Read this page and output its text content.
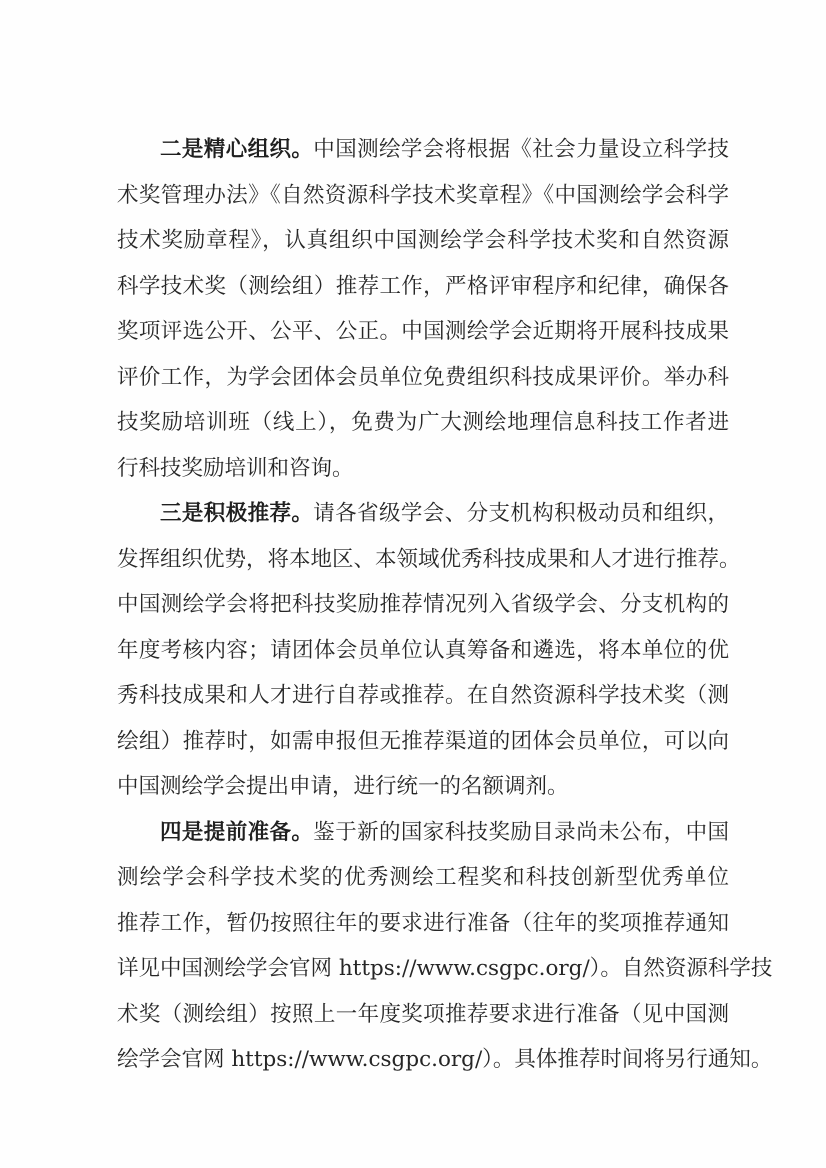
二是精心组织。中国测绘学会将根据《社会力量设立科学技
术奖管理办法》《自然资源科学技术奖章程》《中国测绘学会科学
技术奖励章程》，认真组织中国测绘学会科学技术奖和自然资源
科学技术奖（测绘组）推荐工作，严格评审程序和纪律，确保各
奖项评选公开、公平、公正。中国测绘学会近期将开展科技成果
评价工作，为学会团体会员单位免费组织科技成果评价。举办科
技奖励培训班（线上），免费为广大测绘地理信息科技工作者进
行科技奖励培训和咨询。
三是积极推荐。请各省级学会、分支机构积极动员和组织，
发挥组织优势，将本地区、本领域优秀科技成果和人才进行推荐。
中国测绘学会将把科技奖励推荐情况列入省级学会、分支机构的
年度考核内容；请团体会员单位认真筹备和遴选，将本单位的优
秀科技成果和人才进行自荐或推荐。在自然资源科学技术奖（测
绘组）推荐时，如需申报但无推荐渠道的团体会员单位，可以向
中国测绘学会提出申请，进行统一的名额调剂。
四是提前准备。鉴于新的国家科技奖励目录尚未公布，中国
测绘学会科学技术奖的优秀测绘工程奖和科技创新型优秀单位
推荐工作，暂仍按照往年的要求进行准备（往年的奖项推荐通知
详见中国测绘学会官网 https://www.csgpc.org/）。自然资源科学技
术奖（测绘组）按照上一年度奖项推荐要求进行准备（见中国测
绘学会官网 https://www.csgpc.org/）。具体推荐时间将另行通知。
